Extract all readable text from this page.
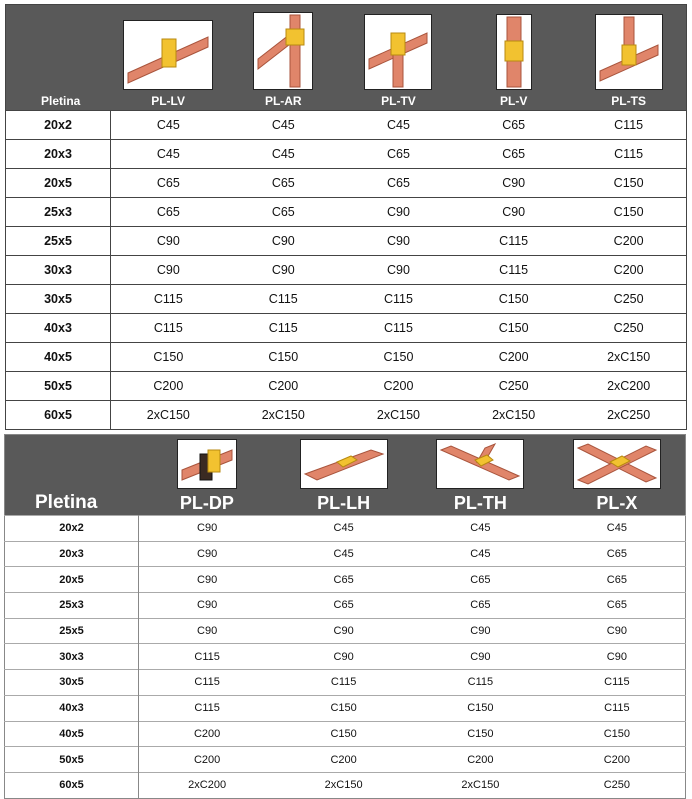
Pletina	PL-LV	PL-AR	PL-TV	PL-V	PL-TS
20x2	C45	C45	C45	C65	C115
20x3	C45	C45	C65	C65	C115
20x5	C65	C65	C65	C90	C150
25x3	C65	C65	C90	C90	C150
25x5	C90	C90	C90	C115	C200
30x3	C90	C90	C90	C115	C200
30x5	C115	C115	C115	C150	C250
40x3	C115	C115	C115	C150	C250
40x5	C150	C150	C150	C200	2xC150
50x5	C200	C200	C200	C250	2xC200
60x5	2xC150	2xC150	2xC150	2xC150	2xC250
Pletina	PL-DP	PL-LH	PL-TH	PL-X
20x2	C90	C45	C45	C45
20x3	C90	C45	C45	C65
20x5	C90	C65	C65	C65
25x3	C90	C65	C65	C65
25x5	C90	C90	C90	C90
30x3	C115	C90	C90	C90
30x5	C115	C115	C115	C115
40x3	C115	C150	C150	C115
40x5	C200	C150	C150	C150
50x5	C200	C200	C200	C200
60x5	2xC200	2xC150	2xC150	C250
